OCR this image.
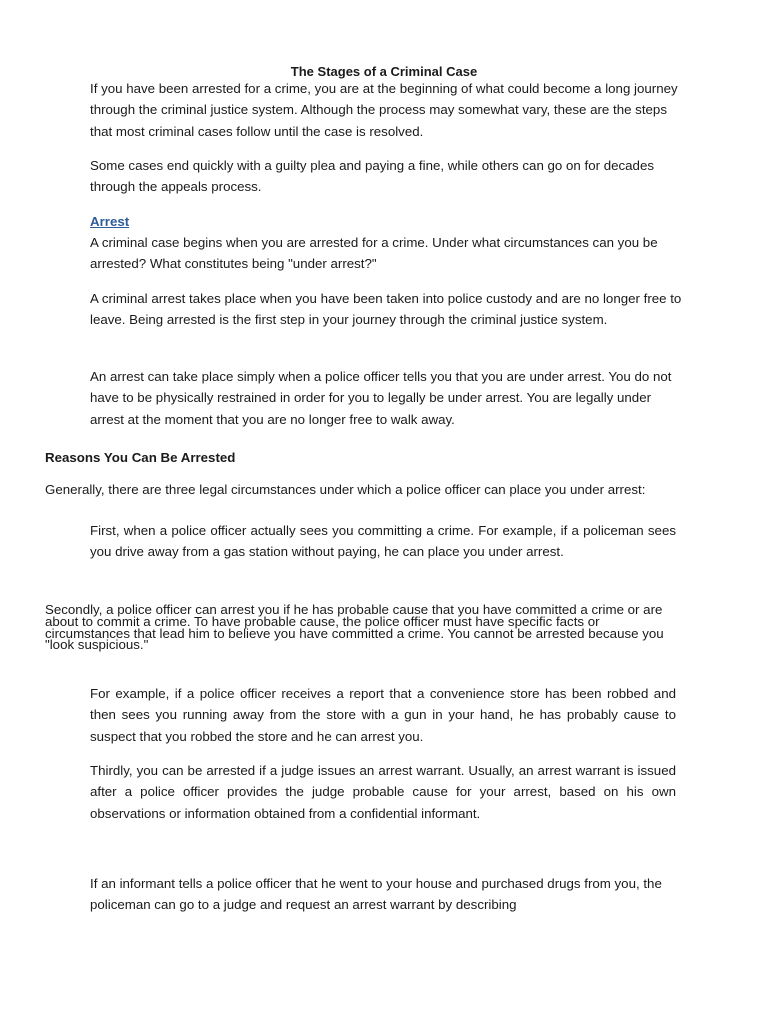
The Stages of a Criminal Case

If you have been arrested for a crime, you are at the beginning of what could become a long journey through the criminal justice system. Although the process may somewhat vary, these are the steps that most criminal cases follow until the case is resolved.

Some cases end quickly with a guilty plea and paying a fine, while others can go on for decades through the appeals process.

Arrest

A criminal case begins when you are arrested for a crime. Under what circumstances can you be arrested? What constitutes being "under arrest?"

A criminal arrest takes place when you have been taken into police custody and are no longer free to leave. Being arrested is the first step in your journey through the criminal justice system.

An arrest can take place simply when a police officer tells you that you are under arrest. You do not have to be physically restrained in order for you to legally be under arrest. You are legally under arrest at the moment that you are no longer free to walk away.

Reasons You Can Be Arrested

Generally, there are three legal circumstances under which a police officer can place you under arrest:

First, when a police officer actually sees you committing a crime. For example, if a policeman sees you drive away from a gas station without paying, he can place you under arrest.

Secondly, a police officer can arrest you if he has probable cause that you have committed a crime or are about to commit a crime. To have probable cause, the police officer must have specific facts or circumstances that lead him to believe you have committed a crime. You cannot be arrested because you "look suspicious."

For example, if a police officer receives a report that a convenience store has been robbed and then sees you running away from the store with a gun in your hand, he has probably cause to suspect that you robbed the store and he can arrest you.

Thirdly, you can be arrested if a judge issues an arrest warrant. Usually, an arrest warrant is issued after a police officer provides the judge probable cause for your arrest, based on his own observations or information obtained from a confidential informant.

If an informant tells a police officer that he went to your house and purchased drugs from you, the policeman can go to a judge and request an arrest warrant by describing
